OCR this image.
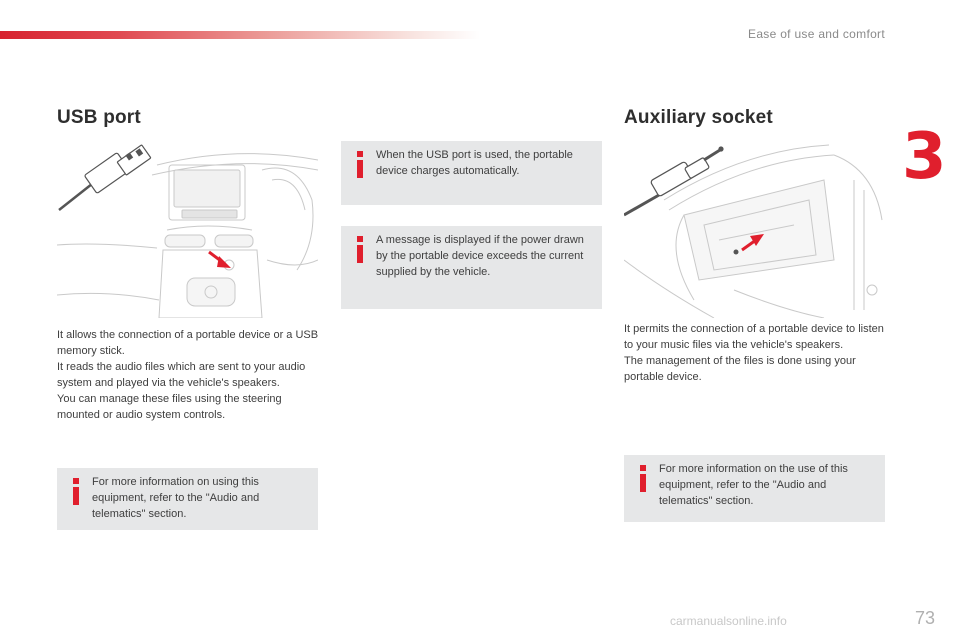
Ease of use and comfort
3
USB port

It allows the connection of a portable device or a USB memory stick.

It reads the audio files which are sent to your audio system and played via the vehicle's speakers.

You can manage these files using the steering mounted or audio system controls.

For more information on using this equipment, refer to the "Audio and telematics" section.
When the USB port is used, the portable device charges automatically.
A message is displayed if the power drawn by the portable device exceeds the current supplied by the vehicle.
Auxiliary socket

It permits the connection of a portable device to listen to your music files via the vehicle's speakers.

The management of the files is done using your portable device.

For more information on the use of this equipment, refer to the "Audio and telematics" section.
carmanualsonline.info	73
